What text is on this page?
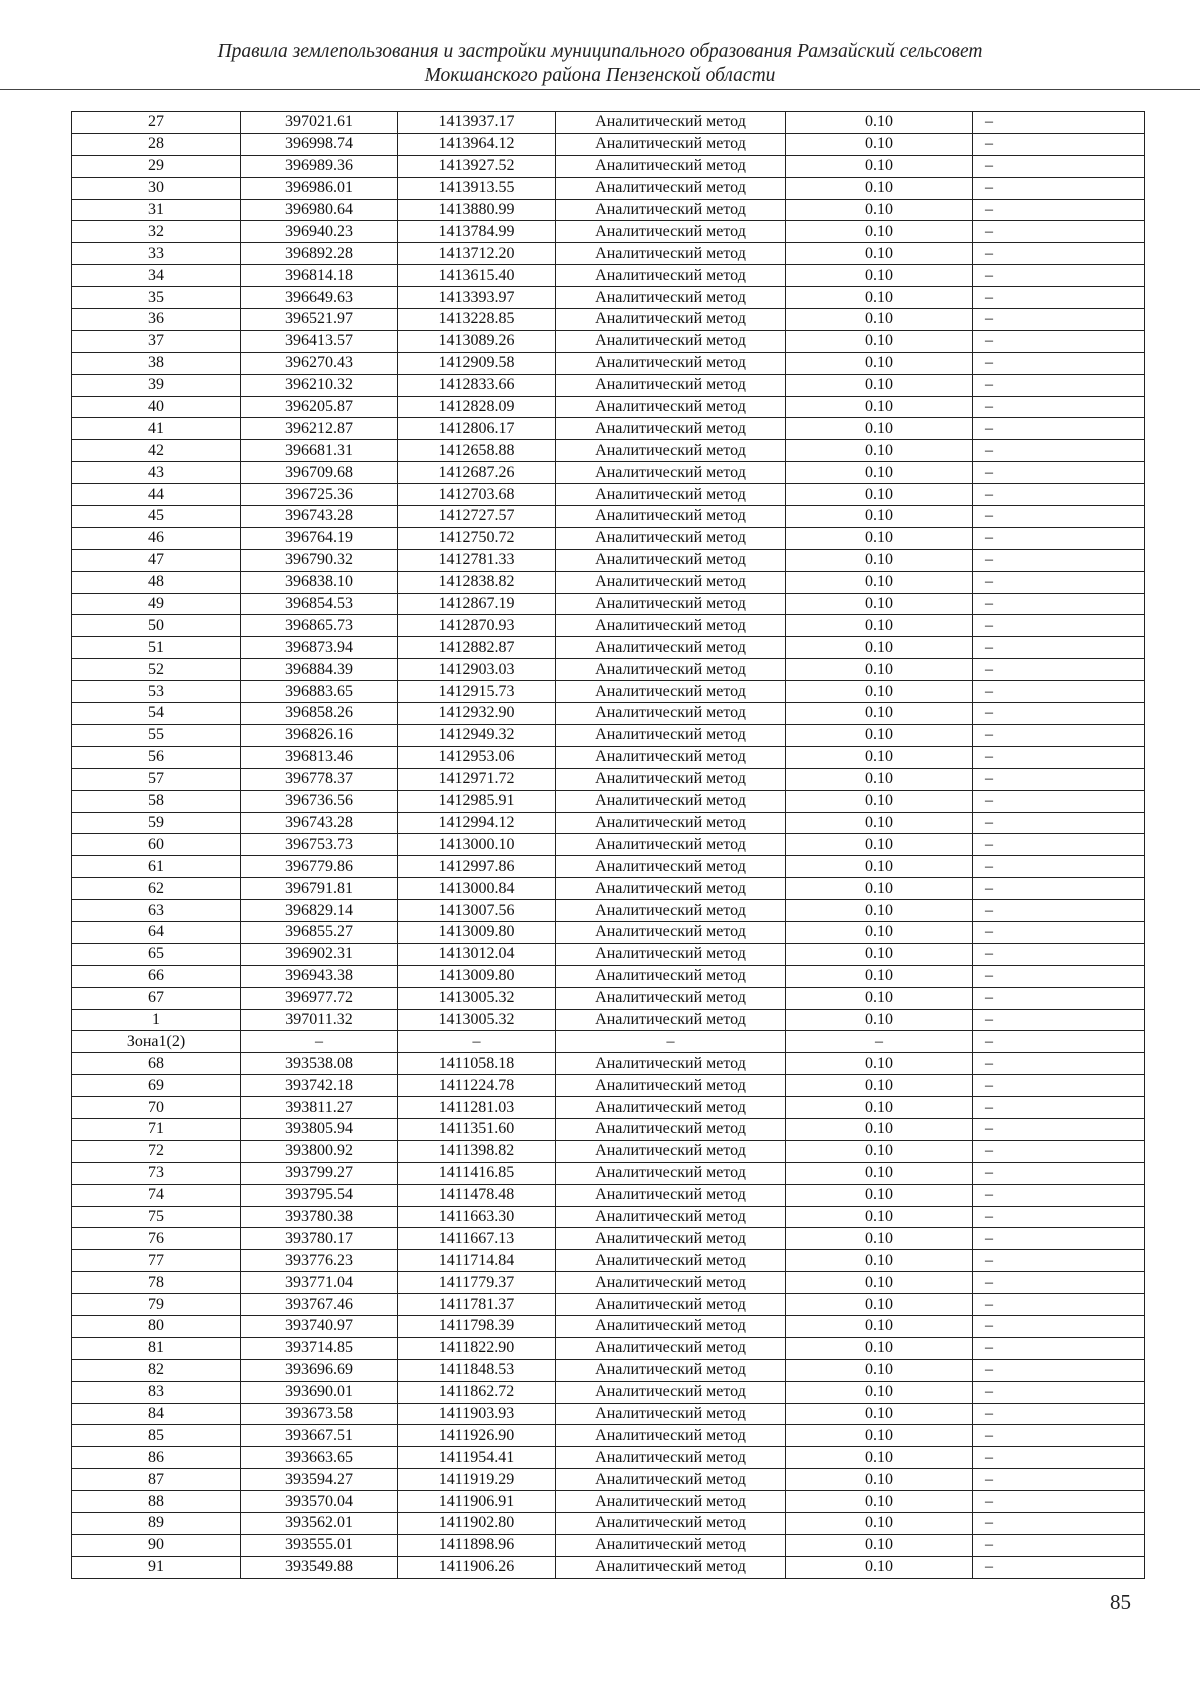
Правила землепользования и застройки муниципального образования Рамзайский сельсовет
Мокшанского района Пензенской области
27	397021.61	1413937.17	Аналитический метод	0.10	–
28	396998.74	1413964.12	Аналитический метод	0.10	–
29	396989.36	1413927.52	Аналитический метод	0.10	–
30	396986.01	1413913.55	Аналитический метод	0.10	–
31	396980.64	1413880.99	Аналитический метод	0.10	–
32	396940.23	1413784.99	Аналитический метод	0.10	–
33	396892.28	1413712.20	Аналитический метод	0.10	–
34	396814.18	1413615.40	Аналитический метод	0.10	–
35	396649.63	1413393.97	Аналитический метод	0.10	–
36	396521.97	1413228.85	Аналитический метод	0.10	–
37	396413.57	1413089.26	Аналитический метод	0.10	–
38	396270.43	1412909.58	Аналитический метод	0.10	–
39	396210.32	1412833.66	Аналитический метод	0.10	–
40	396205.87	1412828.09	Аналитический метод	0.10	–
41	396212.87	1412806.17	Аналитический метод	0.10	–
42	396681.31	1412658.88	Аналитический метод	0.10	–
43	396709.68	1412687.26	Аналитический метод	0.10	–
44	396725.36	1412703.68	Аналитический метод	0.10	–
45	396743.28	1412727.57	Аналитический метод	0.10	–
46	396764.19	1412750.72	Аналитический метод	0.10	–
47	396790.32	1412781.33	Аналитический метод	0.10	–
48	396838.10	1412838.82	Аналитический метод	0.10	–
49	396854.53	1412867.19	Аналитический метод	0.10	–
50	396865.73	1412870.93	Аналитический метод	0.10	–
51	396873.94	1412882.87	Аналитический метод	0.10	–
52	396884.39	1412903.03	Аналитический метод	0.10	–
53	396883.65	1412915.73	Аналитический метод	0.10	–
54	396858.26	1412932.90	Аналитический метод	0.10	–
55	396826.16	1412949.32	Аналитический метод	0.10	–
56	396813.46	1412953.06	Аналитический метод	0.10	–
57	396778.37	1412971.72	Аналитический метод	0.10	–
58	396736.56	1412985.91	Аналитический метод	0.10	–
59	396743.28	1412994.12	Аналитический метод	0.10	–
60	396753.73	1413000.10	Аналитический метод	0.10	–
61	396779.86	1412997.86	Аналитический метод	0.10	–
62	396791.81	1413000.84	Аналитический метод	0.10	–
63	396829.14	1413007.56	Аналитический метод	0.10	–
64	396855.27	1413009.80	Аналитический метод	0.10	–
65	396902.31	1413012.04	Аналитический метод	0.10	–
66	396943.38	1413009.80	Аналитический метод	0.10	–
67	396977.72	1413005.32	Аналитический метод	0.10	–
1	397011.32	1413005.32	Аналитический метод	0.10	–
Зона1(2)	–	–	–	–	–
68	393538.08	1411058.18	Аналитический метод	0.10	–
69	393742.18	1411224.78	Аналитический метод	0.10	–
70	393811.27	1411281.03	Аналитический метод	0.10	–
71	393805.94	1411351.60	Аналитический метод	0.10	–
72	393800.92	1411398.82	Аналитический метод	0.10	–
73	393799.27	1411416.85	Аналитический метод	0.10	–
74	393795.54	1411478.48	Аналитический метод	0.10	–
75	393780.38	1411663.30	Аналитический метод	0.10	–
76	393780.17	1411667.13	Аналитический метод	0.10	–
77	393776.23	1411714.84	Аналитический метод	0.10	–
78	393771.04	1411779.37	Аналитический метод	0.10	–
79	393767.46	1411781.37	Аналитический метод	0.10	–
80	393740.97	1411798.39	Аналитический метод	0.10	–
81	393714.85	1411822.90	Аналитический метод	0.10	–
82	393696.69	1411848.53	Аналитический метод	0.10	–
83	393690.01	1411862.72	Аналитический метод	0.10	–
84	393673.58	1411903.93	Аналитический метод	0.10	–
85	393667.51	1411926.90	Аналитический метод	0.10	–
86	393663.65	1411954.41	Аналитический метод	0.10	–
87	393594.27	1411919.29	Аналитический метод	0.10	–
88	393570.04	1411906.91	Аналитический метод	0.10	–
89	393562.01	1411902.80	Аналитический метод	0.10	–
90	393555.01	1411898.96	Аналитический метод	0.10	–
91	393549.88	1411906.26	Аналитический метод	0.10	–
85
